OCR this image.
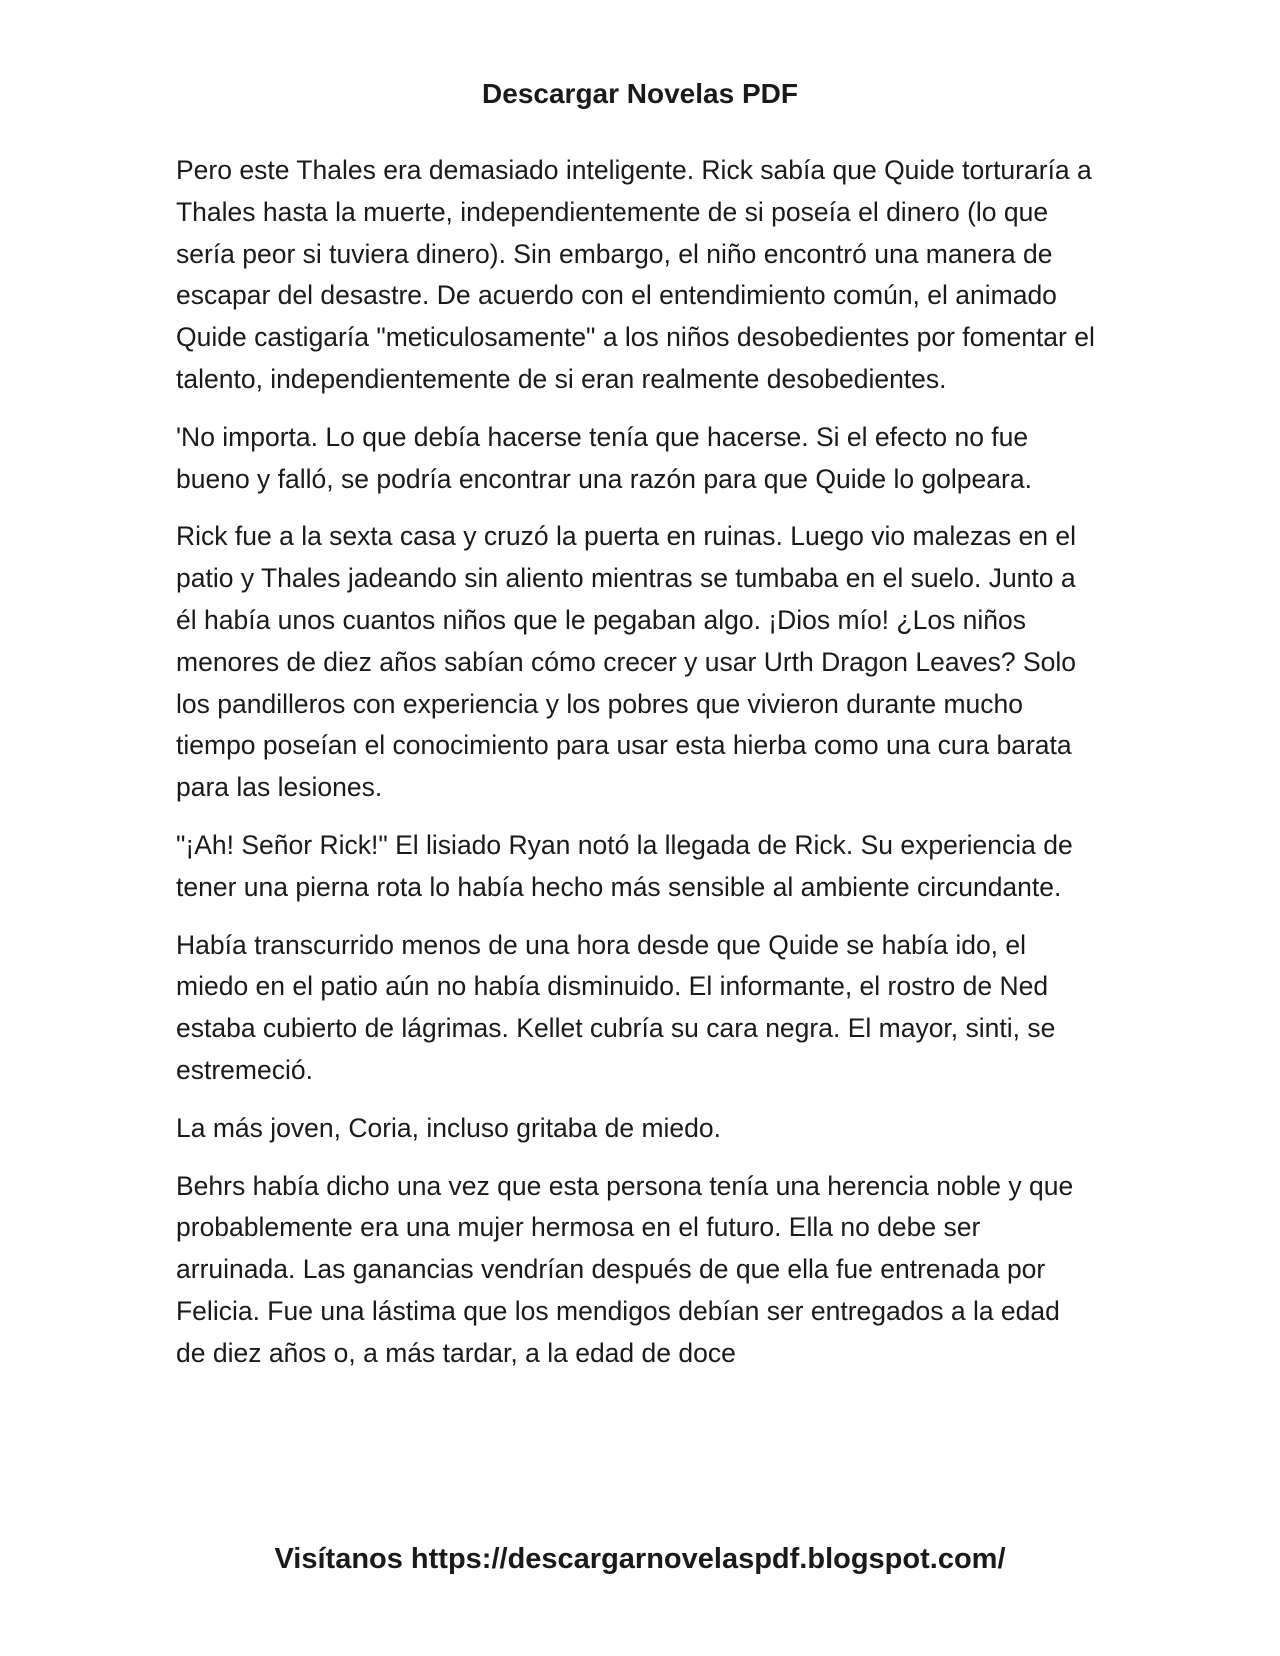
Descargar Novelas PDF

Pero este Thales era demasiado inteligente. Rick sabía que Quide torturaría a Thales hasta la muerte, independientemente de si poseía el dinero (lo que sería peor si tuviera dinero). Sin embargo, el niño encontró una manera de escapar del desastre. De acuerdo con el entendimiento común, el animado Quide castigaría "meticulosamente" a los niños desobedientes por fomentar el talento, independientemente de si eran realmente desobedientes.

'No importa. Lo que debía hacerse tenía que hacerse. Si el efecto no fue bueno y falló, se podría encontrar una razón para que Quide lo golpeara.

Rick fue a la sexta casa y cruzó la puerta en ruinas. Luego vio malezas en el patio y Thales jadeando sin aliento mientras se tumbaba en el suelo. Junto a él había unos cuantos niños que le pegaban algo. ¡Dios mío! ¿Los niños menores de diez años sabían cómo crecer y usar Urth Dragon Leaves? Solo los pandilleros con experiencia y los pobres que vivieron durante mucho tiempo poseían el conocimiento para usar esta hierba como una cura barata para las lesiones.

"¡Ah! Señor Rick!" El lisiado Ryan notó la llegada de Rick. Su experiencia de tener una pierna rota lo había hecho más sensible al ambiente circundante.

Había transcurrido menos de una hora desde que Quide se había ido, el miedo en el patio aún no había disminuido. El informante, el rostro de Ned estaba cubierto de lágrimas. Kellet cubría su cara negra. El mayor, sinti, se estremeció.

La más joven, Coria, incluso gritaba de miedo.

Behrs había dicho una vez que esta persona tenía una herencia noble y que probablemente era una mujer hermosa en el futuro. Ella no debe ser arruinada. Las ganancias vendrían después de que ella fue entrenada por Felicia. Fue una lástima que los mendigos debían ser entregados a la edad de diez años o, a más tardar, a la edad de doce

Visítanos https://descargarnovelaspdf.blogspot.com/
